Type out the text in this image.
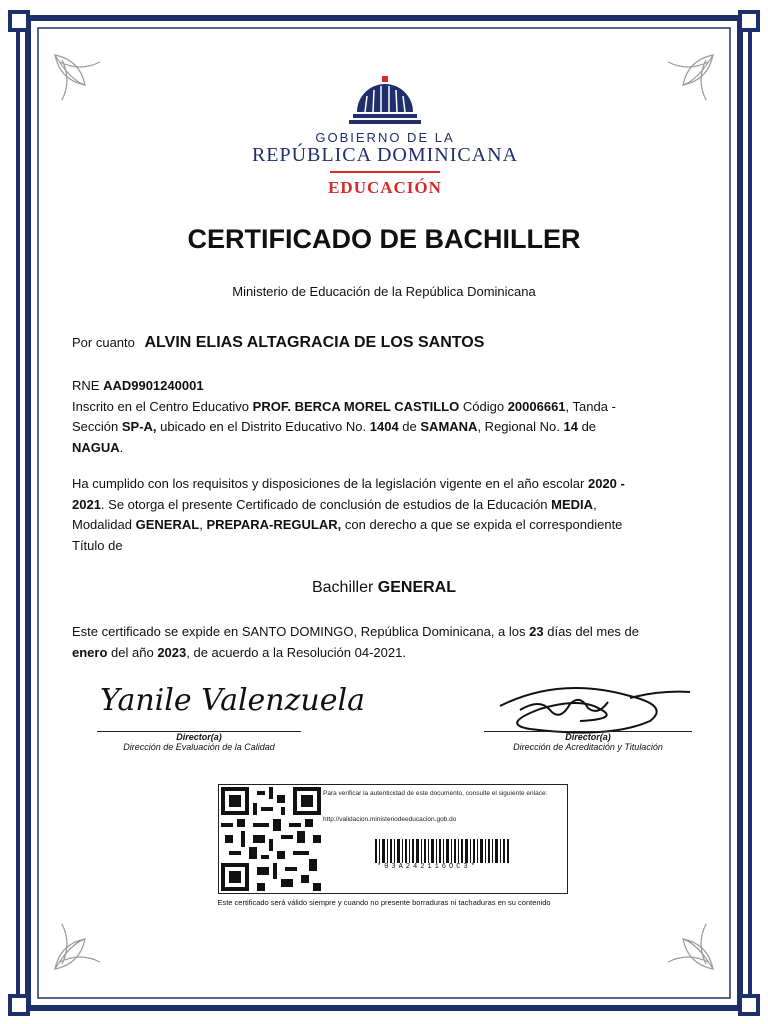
GOBIERNO DE LA
REPÚBLICA DOMINICANA
EDUCACIÓN
CERTIFICADO DE BACHILLER
Ministerio de Educación de la República Dominicana
Por cuanto ALVIN ELIAS ALTAGRACIA DE LOS SANTOS
RNE AAD9901240001
Inscrito en el Centro Educativo PROF. BERCA MOREL CASTILLO Código 20006661, Tanda -
Sección SP-A, ubicado en el Distrito Educativo No. 1404 de SAMANA, Regional No. 14 de
NAGUA.
Ha cumplido con los requisitos y disposiciones de la legislación vigente en el año escolar 2020 -
2021. Se otorga el presente Certificado de conclusión de estudios de la Educación MEDIA,
Modalidad GENERAL, PREPARA-REGULAR, con derecho a que se expida el correspondiente
Título de
Bachiller GENERAL
Este certificado se expide en SANTO DOMINGO, República Dominicana, a los 23 días del mes de
enero del año 2023, de acuerdo a la Resolución 04-2021.
Yanile Valenzuela
Director(a)
Dirección de Evaluación de la Calidad
Director(a)
Dirección de Acreditación y Titulación
Para verificar la autenticidad de este documento, consulte el siguiente enlace:
http://validacion.ministeriodeeducacion.gob.do
*03A242116OC3*
Este certificado será válido siempre y cuando no presente borraduras ni tachaduras en su contenido
